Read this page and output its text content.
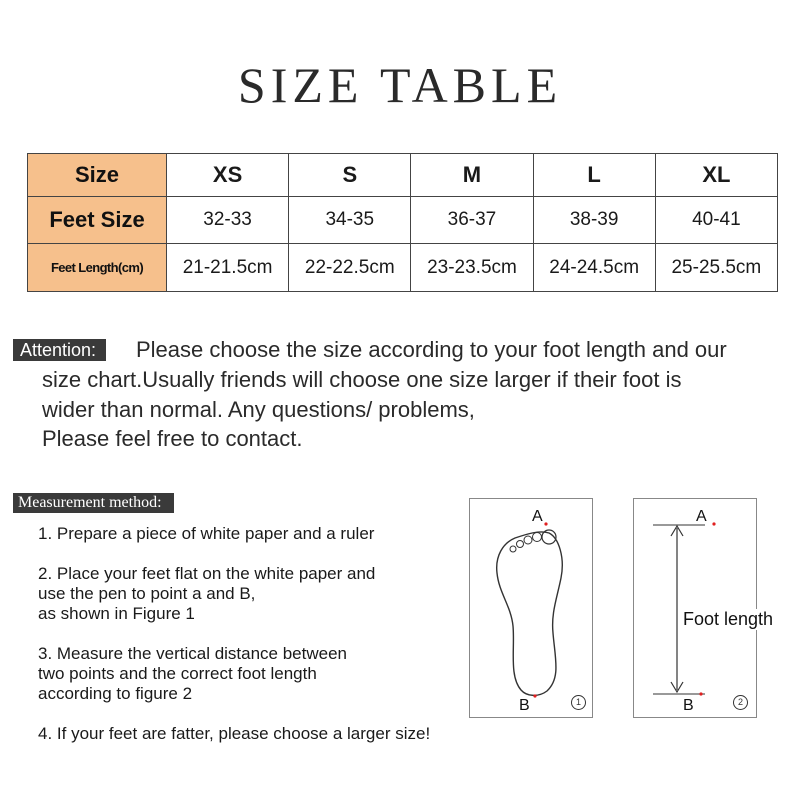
SIZE TABLE
Size	XS	S	M	L	XL
Feet Size	32-33	34-35	36-37	38-39	40-41
Feet Length(cm)	21-21.5cm	22-22.5cm	23-23.5cm	24-24.5cm	25-25.5cm
Attention:	Please choose the size according to your foot length and our
size chart.Usually friends will choose one size larger if their foot is
wider than normal. Any questions/ problems,
Please feel free to contact.
Measurement method:
1. Prepare a piece of white paper and a ruler
2. Place your feet flat on the white paper and
use the pen to point a and B,
as shown in Figure 1
3. Measure the vertical distance between
two points and the correct foot length
according to figure 2
4. If your feet are fatter, please choose a larger size!
A
B	1
A
B
Foot length
2
